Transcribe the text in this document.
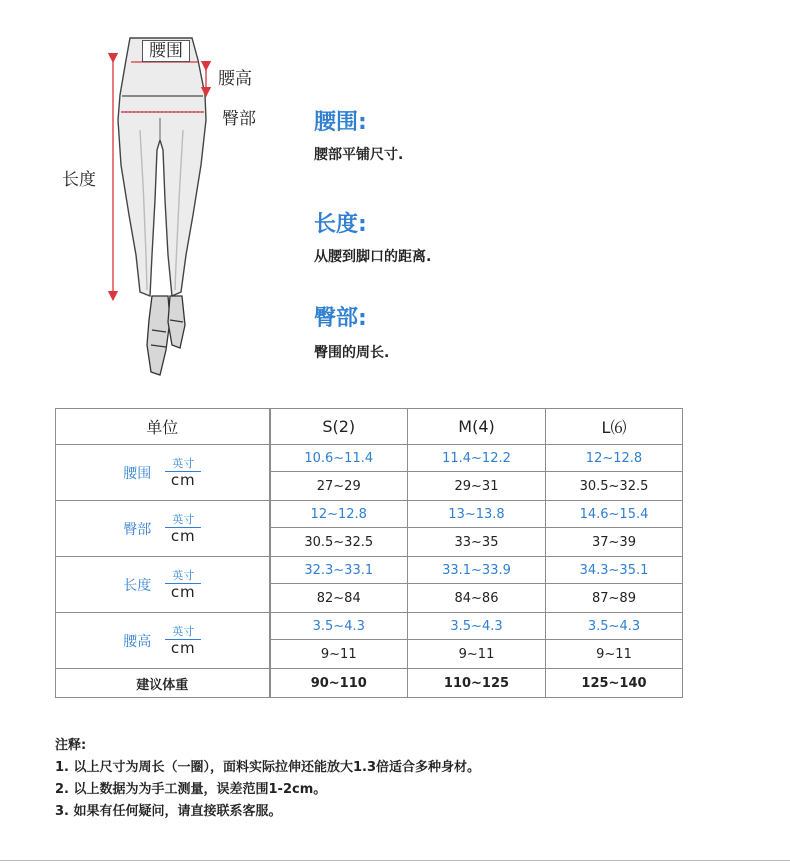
腰围
腰高
臀部
长度
腰围:
腰部平铺尺寸.
长度:
从腰到脚口的距离.
臀部:
臀围的周长.
单位	S(2)	M(4)	L⑹

腰围 $\frac{\text{英寸}}{cm}$	10.6~11.4	11.4~12.2	12~12.8
	27~29	29~31	30.5~32.5

臀部 $\frac{\text{英寸}}{cm}$	12~12.8	13~13.8	14.6~15.4
	30.5~32.5	33~35	37~39

长度 $\frac{\text{英寸}}{cm}$	32.3~33.1	33.1~33.9	34.3~35.1
	82~84	84~86	87~89

腰高 $\frac{\text{英寸}}{cm}$	3.5~4.3	3.5~4.3	3.5~4.3
	9~11	9~11	9~11
建议体重	90~110	110~125	125~140
注释:
1. 以上尺寸为周长（一圈），面料实际拉伸还能放大1.3倍适合多种身材。
2. 以上数据为为手工测量，误差范围1-2cm。
3. 如果有任何疑问，请直接联系客服。
